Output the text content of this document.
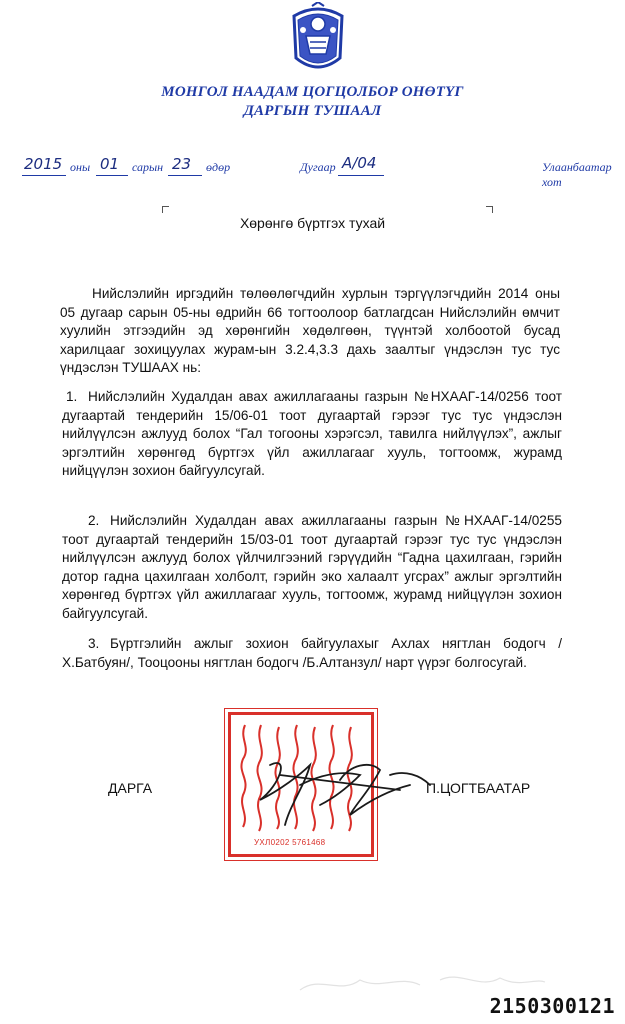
МОНГОЛ НААДАМ ЦОГЦОЛБОР ОНӨТҮГ
ДАРГЫН ТУШААЛ
2015 оны 01 сарын 23 өдөр	Дугаар A/04	Улаанбаатар хот
Хөрөнгө бүртгэх тухай
Нийслэлийн иргэдийн төлөөлөгчдийн хурлын тэргүүлэгчдийн 2014 оны 05 дугаар сарын 05-ны өдрийн 66 тогтоолоор батлагдсан Нийслэлийн өмчит хуулийн этгээдийн эд хөрөнгийн хөдөлгөөн, түүнтэй холбоотой бусад харилцааг зохицуулах журам-ын 3.2.4,3.3 дахь заалтыг үндэслэн тус тус үндэслэн ТУШААХ нь:
1. Нийслэлийн Худалдан авах ажиллагааны газрын №НХААГ-14/0256 тоот дугаартай тендерийн 15/06-01 тоот дугаартай гэрээг тус тус үндэслэн нийлүүлсэн ажлууд болох “Гал тогооны хэрэгсэл, тавилга нийлүүлэх”, ажлыг эргэлтийн хөрөнгөд бүртгэх үйл ажиллагааг хууль, тогтоомж, журамд нийцүүлэн зохион байгуулсугай.
2. Нийслэлийн Худалдан авах ажиллагааны газрын №НХААГ-14/0255 тоот дугаартай тендерийн 15/03-01 тоот дугаартай гэрээг тус тус үндэслэн нийлүүлсэн ажлууд болох үйлчилгээний гэрүүдийн “Гадна цахилгаан, гэрийн дотор гадна цахилгаан холболт, гэрийн эко халаалт угсрах” ажлыг эргэлтийн хөрөнгөд бүртгэх үйл ажиллагааг хууль, тогтоомж, журамд нийцүүлэн зохион байгуулсугай.
3. Бүртгэлийн ажлыг зохион байгуулахыг Ахлах нягтлан бодогч /Х.Батбуян/, Тооцооны нягтлан бодогч /Б.Алтанзул/ нарт үүрэг болгосугай.
ДАРГА	П.ЦОГТБААТАР
УХЛ0202 5761468
2150300121
